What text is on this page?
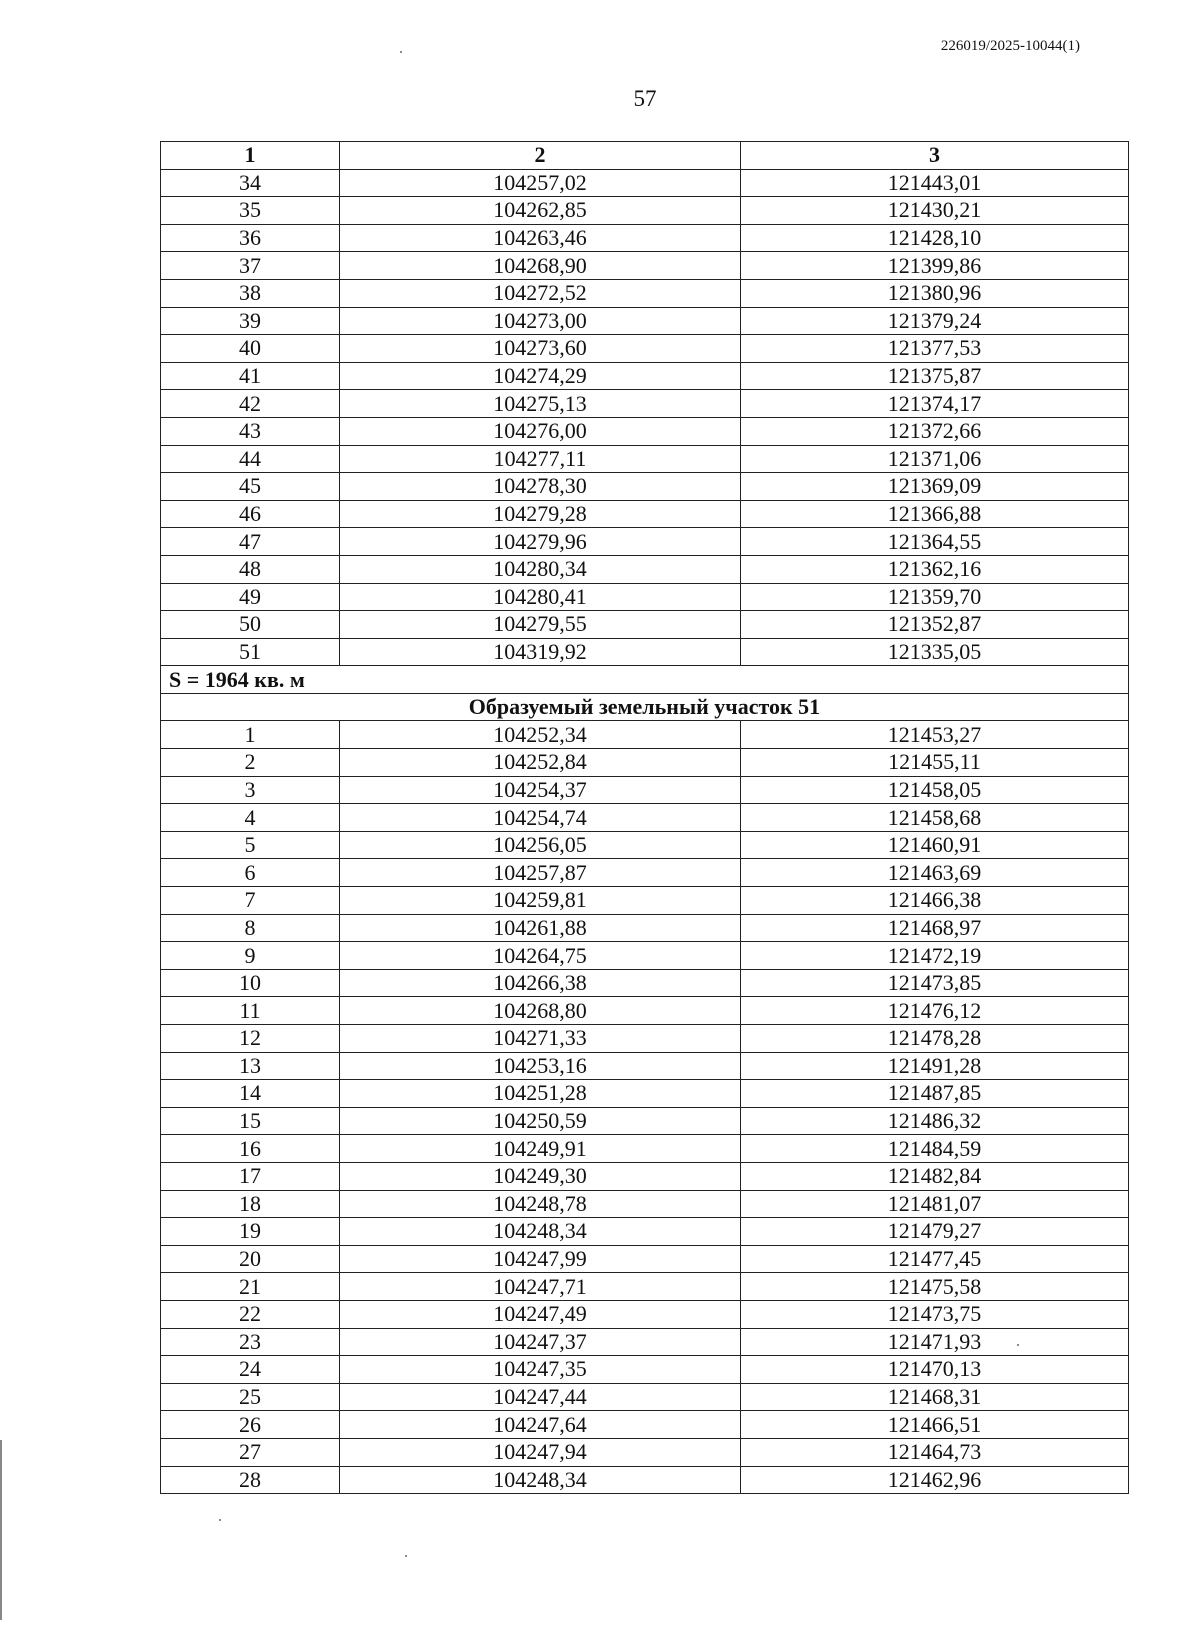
226019/2025-10044(1)
57
1	2	3
34	104257,02	121443,01
35	104262,85	121430,21
36	104263,46	121428,10
37	104268,90	121399,86
38	104272,52	121380,96
39	104273,00	121379,24
40	104273,60	121377,53
41	104274,29	121375,87
42	104275,13	121374,17
43	104276,00	121372,66
44	104277,11	121371,06
45	104278,30	121369,09
46	104279,28	121366,88
47	104279,96	121364,55
48	104280,34	121362,16
49	104280,41	121359,70
50	104279,55	121352,87
51	104319,92	121335,05
S = 1964 кв. м		
Образуемый земельный участок 51		
1	104252,34	121453,27
2	104252,84	121455,11
3	104254,37	121458,05
4	104254,74	121458,68
5	104256,05	121460,91
6	104257,87	121463,69
7	104259,81	121466,38
8	104261,88	121468,97
9	104264,75	121472,19
10	104266,38	121473,85
11	104268,80	121476,12
12	104271,33	121478,28
13	104253,16	121491,28
14	104251,28	121487,85
15	104250,59	121486,32
16	104249,91	121484,59
17	104249,30	121482,84
18	104248,78	121481,07
19	104248,34	121479,27
20	104247,99	121477,45
21	104247,71	121475,58
22	104247,49	121473,75
23	104247,37	121471,93
24	104247,35	121470,13
25	104247,44	121468,31
26	104247,64	121466,51
27	104247,94	121464,73
28	104248,34	121462,96
